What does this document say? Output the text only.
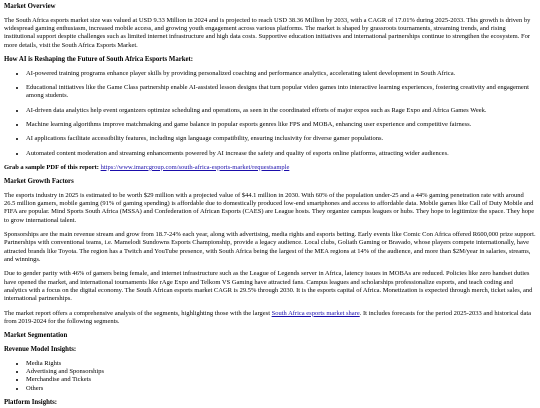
Market Overview

The South Africa esports market size was valued at USD 9.33 Million in 2024 and is projected to reach USD 38.36 Million by 2033, with a CAGR of 17.01% during 2025-2033. This growth is driven by widespread gaming enthusiasm, increased mobile access, and growing youth engagement across various platforms. The market is shaped by grassroots tournaments, streaming trends, and rising institutional support despite challenges such as limited internet infrastructure and high data costs. Supportive education initiatives and international partnerships continue to strengthen the ecosystem. For more details, visit the South Africa Esports Market.

How AI is Reshaping the Future of South Africa Esports Market:
• AI-powered training programs enhance player skills by providing personalized coaching and performance analytics, accelerating talent development in South Africa.
• Educational initiatives like the Game Class partnership enable AI-assisted lesson designs that turn popular video games into interactive learning experiences, fostering creativity and engagement among students.
• AI-driven data analytics help event organizers optimize scheduling and operations, as seen in the coordinated efforts of major expos such as Rage Expo and Africa Games Week.
• Machine learning algorithms improve matchmaking and game balance in popular esports genres like FPS and MOBA, enhancing user experience and competitive fairness.
• AI applications facilitate accessibility features, including sign language compatibility, ensuring inclusivity for diverse gamer populations.
• Automated content moderation and streaming enhancements powered by AI increase the safety and quality of esports online platforms, attracting wider audiences.

Grab a sample PDF of this report: https://www.imarcgroup.com/south-africa-esports-market/requestsample

Market Growth Factors

The esports industry in 2025 is estimated to be worth $29 million with a projected value of $44.1 million in 2030. With 60% of the population under-25 and a 44% gaming penetration rate with around 26.5 million gamers, mobile gaming (91% of gaming spending) is affordable due to domestically produced low-end smartphones and access to affordable data. Mobile games like Call of Duty Mobile and FIFA are popular. Mind Sports South Africa (MSSA) and Confederation of African Esports (CAES) are League hosts. They organize campus leagues or hubs. They hope to legitimize the space. They hope to grow international talent.

Sponsorships are the main revenue stream and grow from 18.7-24% each year, along with advertising, media rights and esports betting. Early events like Comic Con Africa offered R600,000 prize support. Partnerships with conventional teams, i.e. Mamelodi Sundowns Esports Championship, provide a legacy audience. Local clubs, Goliath Gaming or Bravado, whose players compete internationally, have attracted brands like Toyota. The region has a Twitch and YouTube presence, with South Africa being the largest of the MEA regions at 14% of the audience, and more than $2M/year in salaries, streams, and winnings.

Due to gender parity with 46% of gamers being female, and internet infrastructure such as the League of Legends server in Africa, latency issues in MOBAs are reduced. Policies like zero handset duties have opened the market, and international tournaments like rAge Expo and Telkom VS Gaming have attracted fans. Campus leagues and scholarships professionalize esports, and teach coding and analytics with a focus on the digital economy. The South African esports market CAGR is 29.5% through 2030. It is the esports capital of Africa. Monetization is expected through merch, ticket sales, and international partnerships.

The market report offers a comprehensive analysis of the segments, highlighting those with the largest South Africa esports market share. It includes forecasts for the period 2025-2033 and historical data from 2019-2024 for the following segments.

Market Segmentation
Revenue Model Insights:
• Media Rights
• Advertising and Sponsorships
• Merchandise and Tickets
• Others
Platform Insights:
